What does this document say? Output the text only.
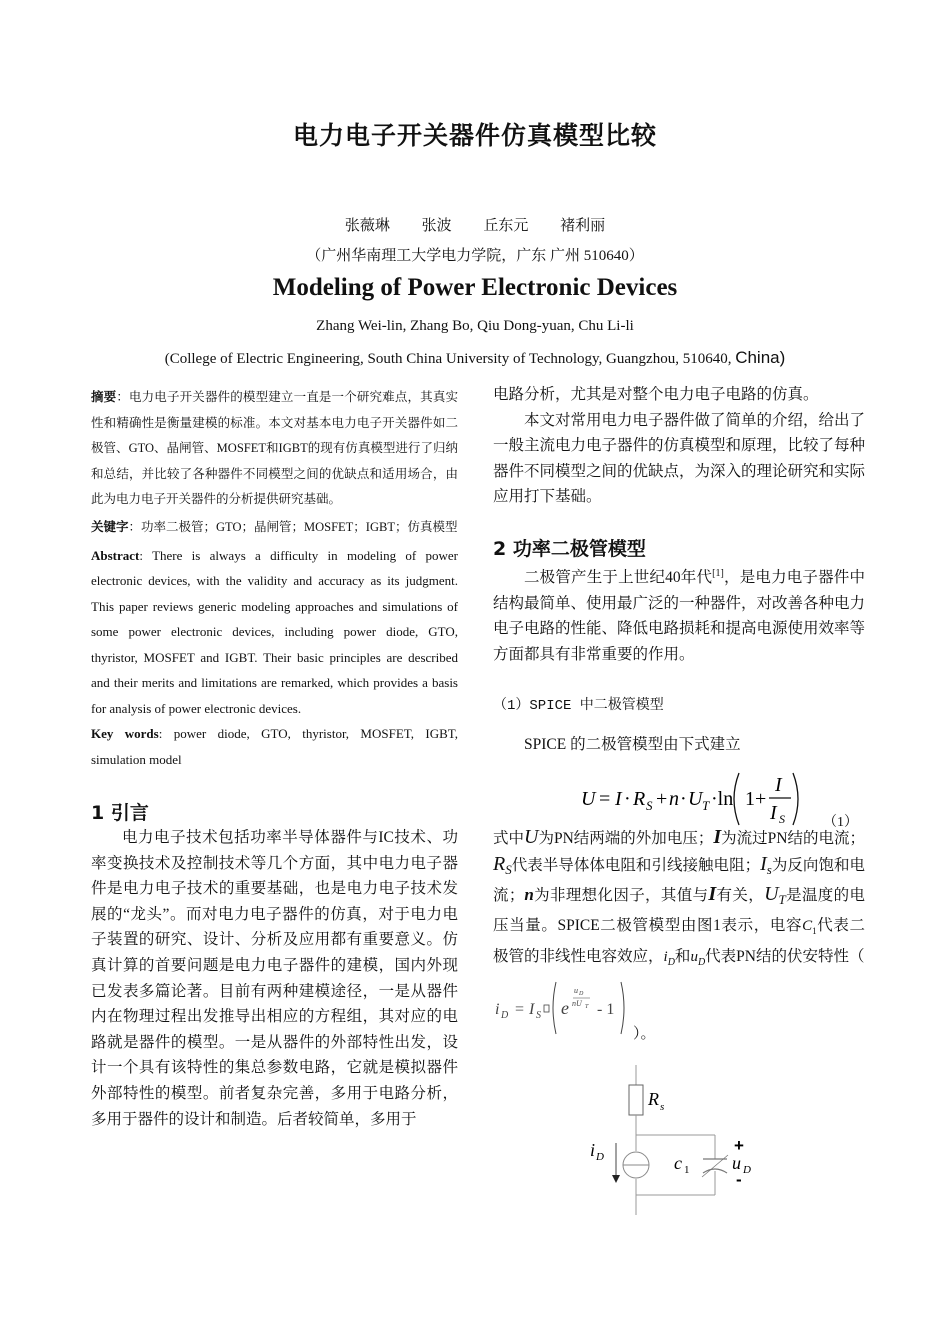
电力电子开关器件仿真模型比较
张薇琳 张波 丘东元 褚利丽
（广州华南理工大学电力学院，广东 广州 510640）
Modeling of Power Electronic Devices
Zhang Wei-lin, Zhang Bo, Qiu Dong-yuan, Chu Li-li
(College of Electric Engineering, South China University of Technology, Guangzhou, 510640, China)

摘要：电力电子开关器件的模型建立一直是一个研究难点，其真实性和精确性是衡量建模的标准。本文对基本电力电子开关器件如二极管、GTO、晶闸管、MOSFET和IGBT的现有仿真模型进行了归纳和总结，并比较了各种器件不同模型之间的优缺点和适用场合，由此为电力电子开关器件的分析提供研究基础。

关键字：功率二极管；GTO；晶闸管；MOSFET；IGBT；仿真模型

Abstract: There is always a difficulty in modeling of power electronic devices, with the validity and accuracy as its judgment. This paper reviews generic modeling approaches and simulations of some power electronic devices, including power diode, GTO, thyristor, MOSFET and IGBT. Their basic principles are described and their merits and limitations are remarked, which provides a basis for analysis of power electronic devices.

Key words: power diode, GTO, thyristor, MOSFET, IGBT, simulation model

1 引言

电力电子技术包括功率半导体器件与IC技术、功率变换技术及控制技术等几个方面，其中电力电子器件是电力电子技术的重要基础，也是电力电子技术发展的“龙头”。而对电力电子器件的仿真，对于电力电子装置的研究、设计、分析及应用都有重要意义。仿真计算的首要问题是电力电子器件的建模，国内外现已发表多篇论著。目前有两种建模途径，一是从器件内在物理过程出发推导出相应的方程组，其对应的电路就是器件的模型。一是从器件的外部特性出发，设计一个具有该特性的集总参数电路，它就是模拟器件外部特性的模型。前者复杂完善，多用于电路分析，多用于器件的设计和制造。后者较简单，多用于

电路分析，尤其是对整个电力电子电路的仿真。

本文对常用电力电子器件做了简单的介绍，给出了一般主流电力电子器件的仿真模型和原理，比较了每种器件不同模型之间的优缺点，为深入的理论研究和实际应用打下基础。

2 功率二极管模型

二极管产生于上世纪40年代[1]，是电力电子器件中结构最简单、使用最广泛的一种器件，对改善各种电力电子电路的性能、降低电路损耗和提高电源使用效率等方面都具有非常重要的作用。

（1）SPICE 中二极管模型

SPICE 的二极管模型由下式建立

U = I · R S + n · U T ·ln 1+
I
I S	（1）

式中U为PN结两端的外加电压；I为流过PN结的电流；$R_S$代表半导体体电阻和引线接触电阻；$I_s$为反向饱和电流；n为非理想化因子，其值与I有关，$U_T$是温度的电压当量。SPICE二极管模型由图1表示，电容$C_1$代表二极管的非线性电容效应，$i_D$和$u_D$代表PN结的伏安特性（

i D = I S e
u D
nU T - 1
）。
R s
i D	c 1
+
u D
-
